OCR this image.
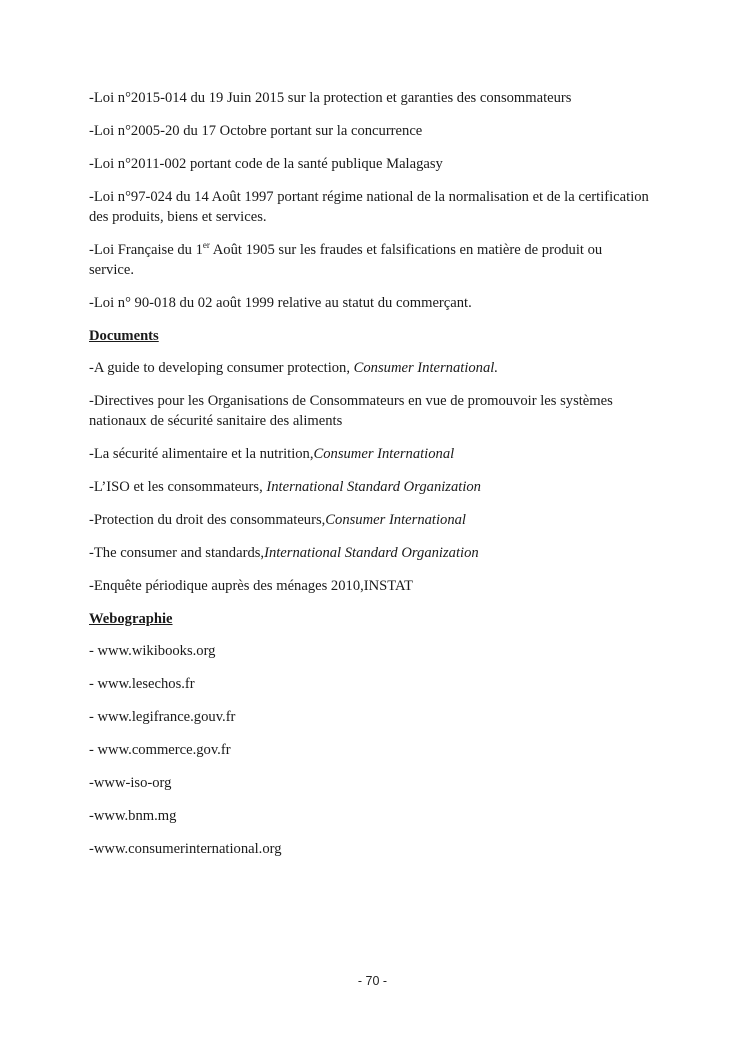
-Loi n°2015-014 du 19 Juin 2015 sur la protection et garanties des consommateurs

-Loi n°2005-20 du 17 Octobre portant sur la concurrence

-Loi n°2011-002 portant code de la santé publique Malagasy

-Loi n°97-024 du 14 Août 1997 portant régime national de la normalisation et de la certification des produits, biens et services.

-Loi Française du 1er Août 1905 sur les fraudes et falsifications en matière de produit ou service.

-Loi n° 90-018 du 02 août 1999 relative au statut du commerçant.

Documents

-A guide to developing consumer protection, Consumer International.

-Directives pour les Organisations de Consommateurs en vue de promouvoir les systèmes nationaux de sécurité sanitaire des aliments

-La sécurité alimentaire et la nutrition,Consumer International

-L’ISO et les consommateurs, International Standard Organization

-Protection du droit des consommateurs,Consumer International

-The consumer and standards,International Standard Organization

-Enquête périodique auprès des ménages 2010,INSTAT

Webographie

- www.wikibooks.org

- www.lesechos.fr

- www.legifrance.gouv.fr

- www.commerce.gov.fr

-www-iso-org

-www.bnm.mg

-www.consumerinternational.org

- 70 -
